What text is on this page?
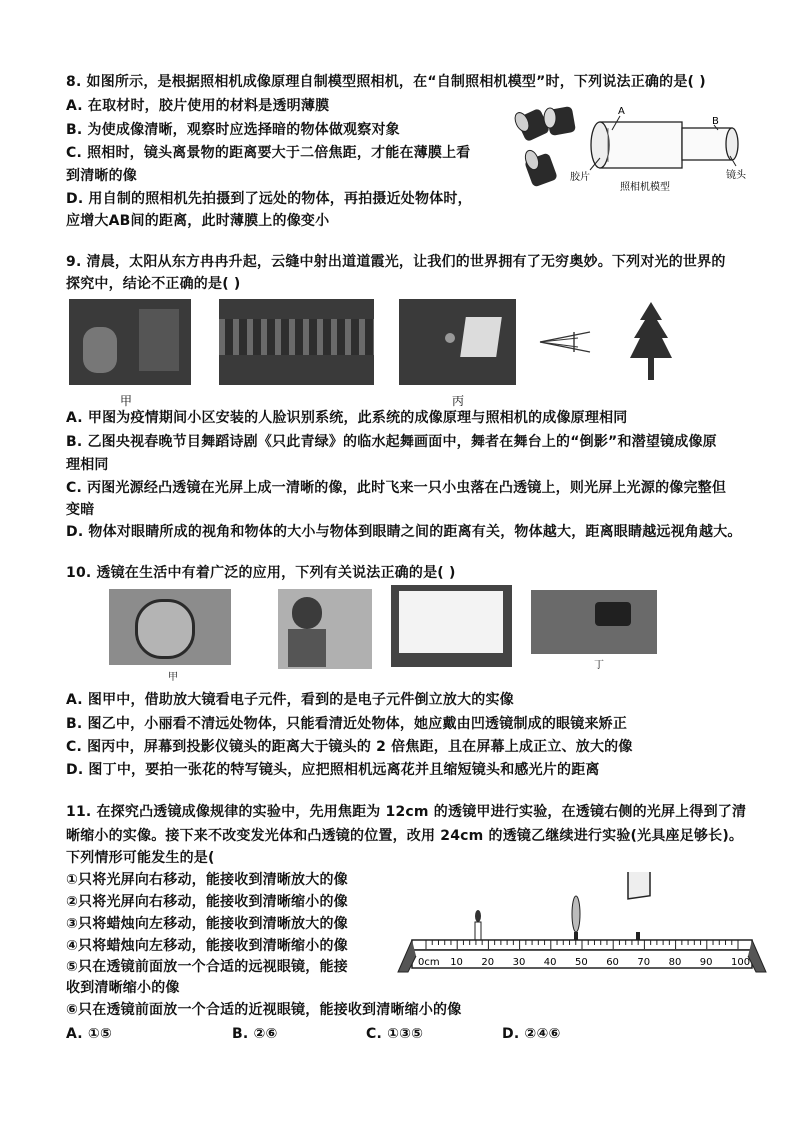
8. 如图所示，是根据照相机成像原理自制模型照相机，在“自制照相机模型”时，下列说法正确的是( )
A. 在取材时，胶片使用的材料是透明薄膜
B. 为使成像清晰，观察时应选择暗的物体做观察对象
C. 照相时，镜头离景物的距离要大于二倍焦距，才能在薄膜上看
到清晰的像
D. 用自制的照相机先拍摄到了远处的物体，再拍摄近处物体时，
应增大AB间的距离，此时薄膜上的像变小
A
B
胶片	镜头
照相机模型
9. 清晨，太阳从东方冉冉升起，云缝中射出道道霞光，让我们的世界拥有了无穷奥妙。下列对光的世界的
探究中，结论不正确的是( )
甲	丙
A. 甲图为疫情期间小区安装的人脸识别系统，此系统的成像原理与照相机的成像原理相同
B. 乙图央视春晚节目舞蹈诗剧《只此青绿》的临水起舞画面中，舞者在舞台上的“倒影”和潜望镜成像原
理相同
C. 丙图光源经凸透镜在光屏上成一清晰的像，此时飞来一只小虫落在凸透镜上，则光屏上光源的像完整但
变暗
D. 物体对眼睛所成的视角和物体的大小与物体到眼睛之间的距离有关，物体越大，距离眼睛越远视角越大。
10. 透镜在生活中有着广泛的应用，下列有关说法正确的是( )
甲
丁
A. 图甲中，借助放大镜看电子元件，看到的是电子元件倒立放大的实像
B. 图乙中，小丽看不清远处物体，只能看清近处物体，她应戴由凹透镜制成的眼镜来矫正
C. 图丙中，屏幕到投影仪镜头的距离大于镜头的 2 倍焦距，且在屏幕上成正立、放大的像
D. 图丁中，要拍一张花的特写镜头，应把照相机远离花并且缩短镜头和感光片的距离
11. 在探究凸透镜成像规律的实验中，先用焦距为 12cm 的透镜甲进行实验，在透镜右侧的光屏上得到了清
晰缩小的实像。接下来不改变发光体和凸透镜的位置，改用 24cm 的透镜乙继续进行实验(光具座足够长)。
下列情形可能发生的是(
①只将光屏向右移动，能接收到清晰放大的像
②只将光屏向右移动，能接收到清晰缩小的像
③只将蜡烛向左移动，能接收到清晰放大的像
④只将蜡烛向左移动，能接收到清晰缩小的像
⑤只在透镜前面放一个合适的远视眼镜，能接
收到清晰缩小的像
⑥只在透镜前面放一个合适的近视眼镜，能接收到清晰缩小的像
0cm 10 20 30 40 50 60 70 80 90 100
A. ①⑤	B. ②⑥	C. ①③⑤	D. ②④⑥
